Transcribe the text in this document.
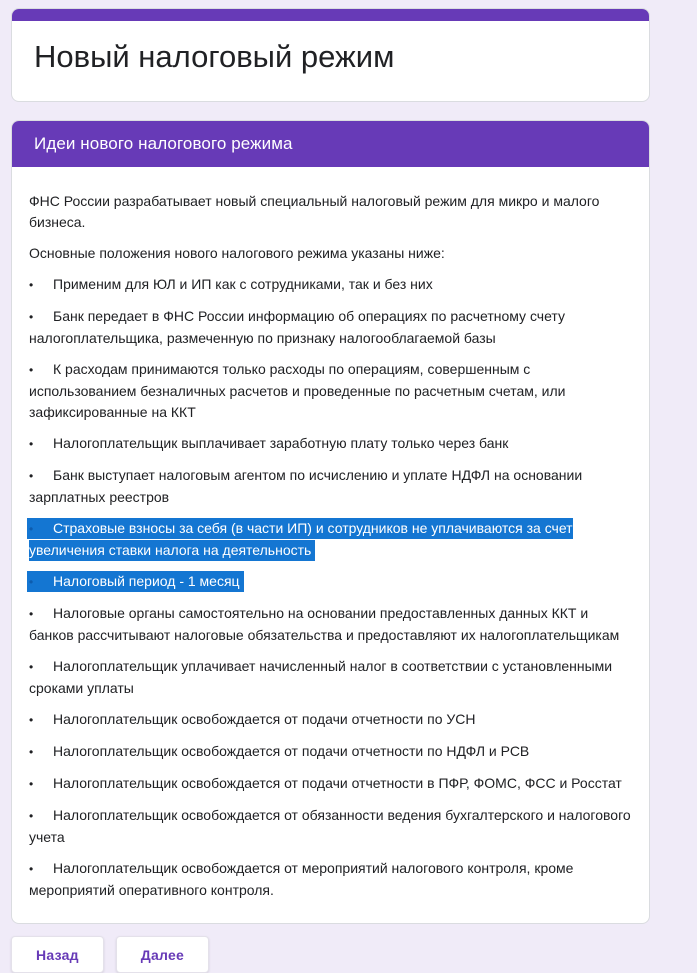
Новый налоговый режим
Идеи нового налогового режима

ФНС России разрабатывает новый специальный налоговый режим для микро и малого бизнеса.

Основные положения нового налогового режима указаны ниже:

• Применим для ЮЛ и ИП как с сотрудниками, так и без них

• Банк передает в ФНС России информацию об операциях по расчетному счету налогоплательщика, размеченную по признаку налогооблагаемой базы

• К расходам принимаются только расходы по операциям, совершенным с использованием безналичных расчетов и проведенные по расчетным счетам, или зафиксированные на ККТ

• Налогоплательщик выплачивает заработную плату только через банк

• Банк выступает налоговым агентом по исчислению и уплате НДФЛ на основании зарплатных реестров

• Страховые взносы за себя (в части ИП) и сотрудников не уплачиваются за счет увеличения ставки налога на деятельность

• Налоговый период - 1 месяц

• Налоговые органы самостоятельно на основании предоставленных данных ККТ и банков рассчитывают налоговые обязательства и предоставляют их налогоплательщикам

• Налогоплательщик уплачивает начисленный налог в соответствии с установленными сроками уплаты

• Налогоплательщик освобождается от подачи отчетности по УСН

• Налогоплательщик освобождается от подачи отчетности по НДФЛ и РСВ

• Налогоплательщик освобождается от подачи отчетности в ПФР, ФОМС, ФСС и Росстат

• Налогоплательщик освобождается от обязанности ведения бухгалтерского и налогового учета

• Налогоплательщик освобождается от мероприятий налогового контроля, кроме мероприятий оперативного контроля.

Назад	Далее
